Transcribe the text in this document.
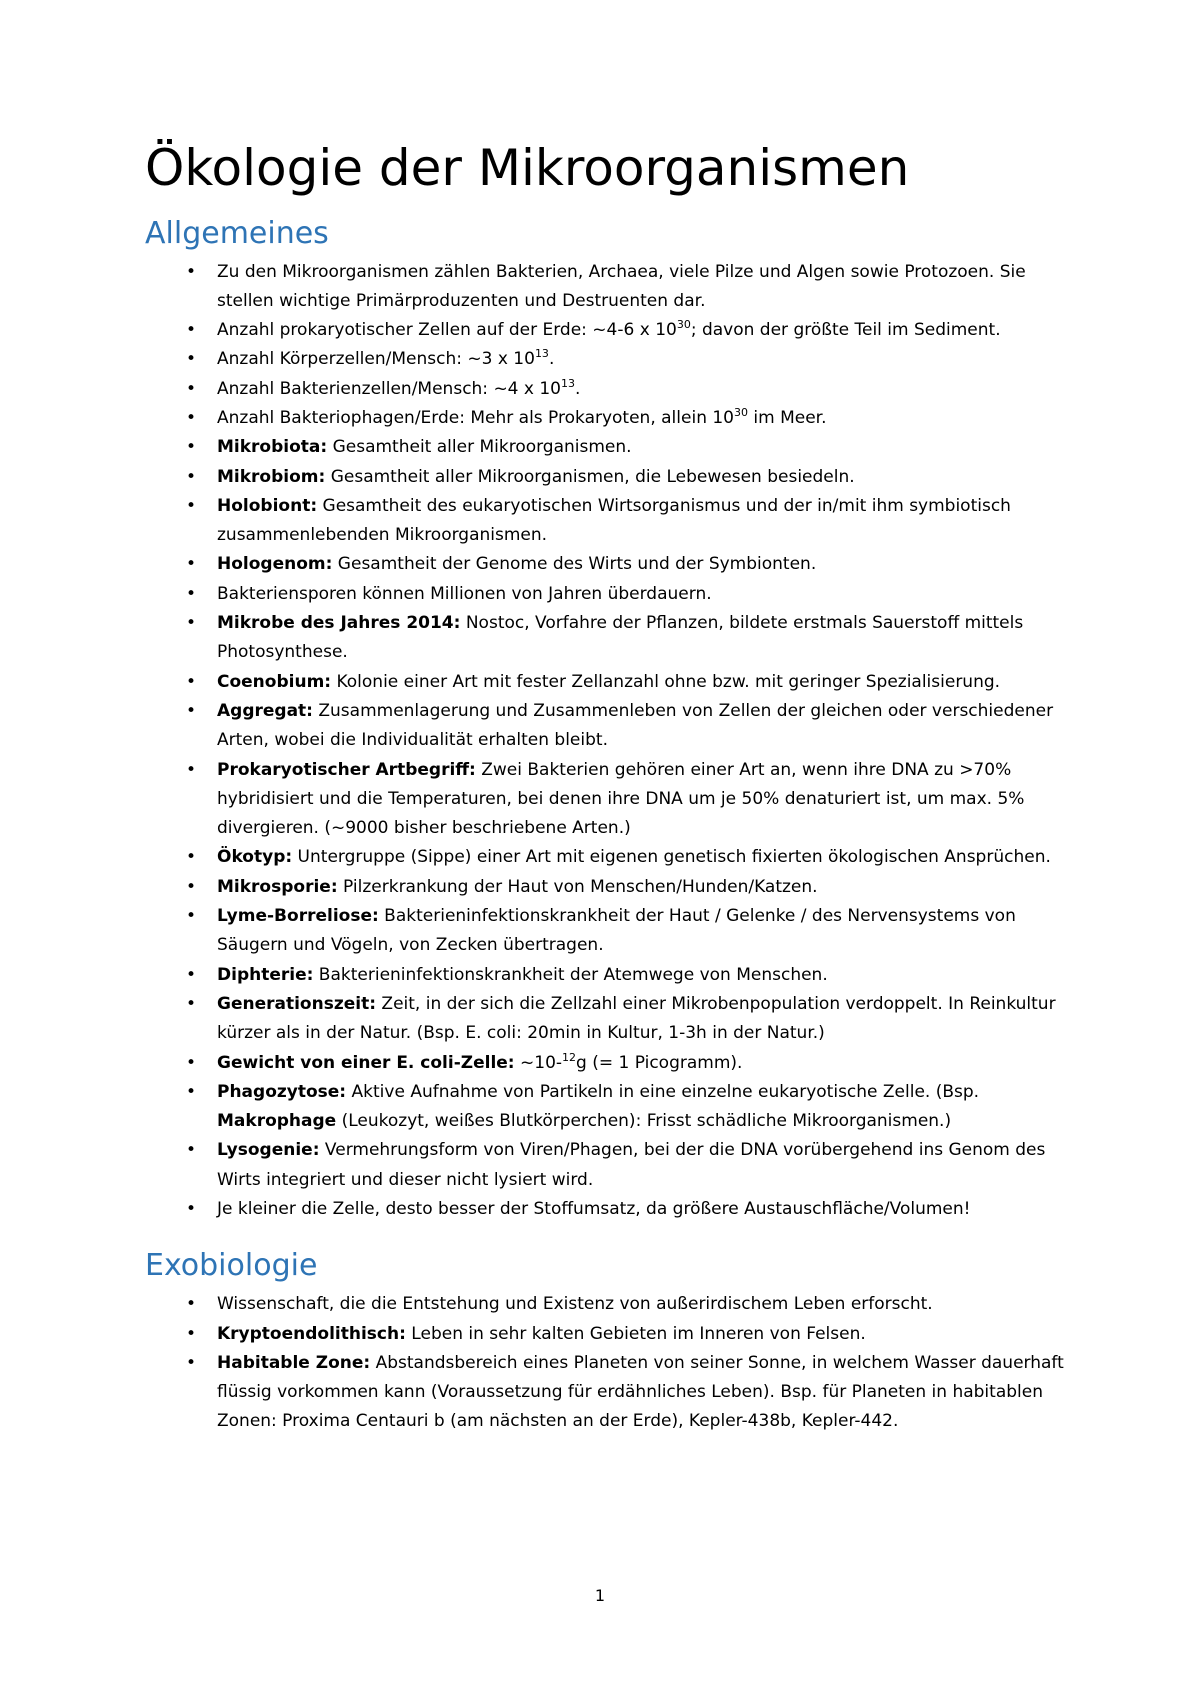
Ökologie der Mikroorganismen
Allgemeines
• Zu den Mikroorganismen zählen Bakterien, Archaea, viele Pilze und Algen sowie Protozoen. Sie stellen wichtige Primärproduzenten und Destruenten dar.
• Anzahl prokaryotischer Zellen auf der Erde: ~4-6 x $10^{30}$; davon der größte Teil im Sediment.
• Anzahl Körperzellen/Mensch: ~3 x $10^{13}$.
• Anzahl Bakterienzellen/Mensch: ~4 x $10^{13}$.
• Anzahl Bakteriophagen/Erde: Mehr als Prokaryoten, allein $10^{30}$ im Meer.
• Mikrobiota: Gesamtheit aller Mikroorganismen.
• Mikrobiom: Gesamtheit aller Mikroorganismen, die Lebewesen besiedeln.
• Holobiont: Gesamtheit des eukaryotischen Wirtsorganismus und der in/mit ihm symbiotisch zusammenlebenden Mikroorganismen.
• Hologenom: Gesamtheit der Genome des Wirts und der Symbionten.
• Bakteriensporen können Millionen von Jahren überdauern.
• Mikrobe des Jahres 2014: Nostoc, Vorfahre der Pflanzen, bildete erstmals Sauerstoff mittels Photosynthese.
• Coenobium: Kolonie einer Art mit fester Zellanzahl ohne bzw. mit geringer Spezialisierung.
• Aggregat: Zusammenlagerung und Zusammenleben von Zellen der gleichen oder verschiedener Arten, wobei die Individualität erhalten bleibt.
• Prokaryotischer Artbegriff: Zwei Bakterien gehören einer Art an, wenn ihre DNA zu >70% hybridisiert und die Temperaturen, bei denen ihre DNA um je 50% denaturiert ist, um max. 5% divergieren. (~9000 bisher beschriebene Arten.)
• Ökotyp: Untergruppe (Sippe) einer Art mit eigenen genetisch fixierten ökologischen Ansprüchen.
• Mikrosporie: Pilzerkrankung der Haut von Menschen/Hunden/Katzen.
• Lyme-Borreliose: Bakterieninfektionskrankheit der Haut / Gelenke / des Nervensystems von Säugern und Vögeln, von Zecken übertragen.
• Diphterie: Bakterieninfektionskrankheit der Atemwege von Menschen.
• Generationszeit: Zeit, in der sich die Zellzahl einer Mikrobenpopulation verdoppelt. In Reinkultur kürzer als in der Natur. (Bsp. E. coli: 20min in Kultur, 1-3h in der Natur.)
• Gewicht von einer E. coli-Zelle: ~10-$^{12}$g (= 1 Picogramm).
• Phagozytose: Aktive Aufnahme von Partikeln in eine einzelne eukaryotische Zelle. (Bsp. Makrophage (Leukozyt, weißes Blutkörperchen): Frisst schädliche Mikroorganismen.)
• Lysogenie: Vermehrungsform von Viren/Phagen, bei der die DNA vorübergehend ins Genom des Wirts integriert und dieser nicht lysiert wird.
• Je kleiner die Zelle, desto besser der Stoffumsatz, da größere Austauschfläche/Volumen!
Exobiologie
• Wissenschaft, die die Entstehung und Existenz von außerirdischem Leben erforscht.
• Kryptoendolithisch: Leben in sehr kalten Gebieten im Inneren von Felsen.
• Habitable Zone: Abstandsbereich eines Planeten von seiner Sonne, in welchem Wasser dauerhaft flüssig vorkommen kann (Voraussetzung für erdähnliches Leben). Bsp. für Planeten in habitablen Zonen: Proxima Centauri b (am nächsten an der Erde), Kepler-438b, Kepler-442.
1
